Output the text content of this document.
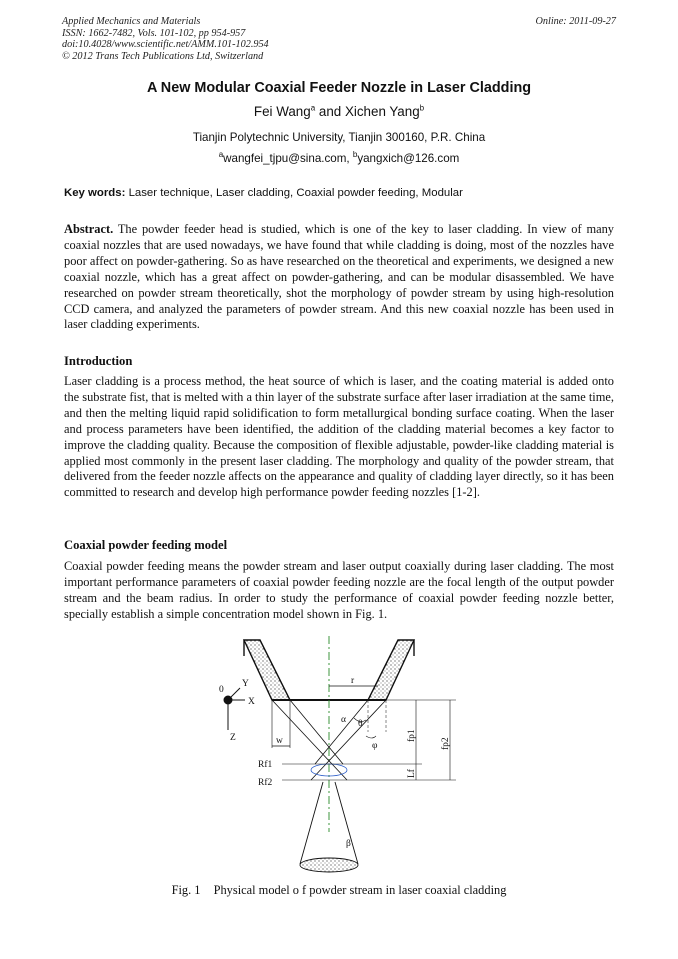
Applied Mechanics and Materials
ISSN: 1662-7482, Vols. 101-102, pp 954-957
doi:10.4028/www.scientific.net/AMM.101-102.954
© 2012 Trans Tech Publications Ltd, Switzerland
Online: 2011-09-27
A New Modular Coaxial Feeder Nozzle in Laser Cladding
Fei Wang$^a$ and Xichen Yang$^b$
Tianjin Polytechnic University, Tianjin 300160, P.R. China
$^a$wangfei_tjpu@sina.com, $^b$yangxich@126.com
Key words: Laser technique, Laser cladding, Coaxial powder feeding, Modular

Abstract. The powder feeder head is studied, which is one of the key to laser cladding. In view of many coaxial nozzles that are used nowadays, we have found that while cladding is doing, most of the nozzles have poor affect on powder-gathering. So as have researched on the theoretical and experiments, we designed a new coaxial nozzle, which has a great affect on powder-gathering, and can be modular disassembled. We have researched on powder stream theoretically, shot the morphology of powder stream by using high-resolution CCD camera, and analyzed the parameters of powder stream. And this new coaxial nozzle has been used in laser cladding experiments.

Introduction

Laser cladding is a process method, the heat source of which is laser, and the coating material is added onto the substrate fist, that is melted with a thin layer of the substrate surface after laser irradiation at the same time, and then the melting liquid rapid solidification to form metallurgical bonding surface coating. When the laser and process parameters have been identified, the addition of the cladding material becomes a key factor to improve the cladding quality. Because the composition of flexible adjustable, powder-like cladding material is applied most commonly in the present laser cladding. The morphology and quality of the powder stream, that delivered from the feeder nozzle affects on the appearance and quality of cladding layer directly, so it has been committed to research and develop high performance powder feeding nozzles [1-2].

Coaxial powder feeding model

Coaxial powder feeding means the powder stream and laser output coaxially during laser cladding. The most important performance parameters of coaxial powder feeding nozzle are the focal length of the output powder stream and the beam radius. In order to study the performance of coaxial powder feeding nozzle better, specially establish a simple concentration model shown in Fig. 1.

0
Y
X
Z
r
w
α θ
φ
β
Rf1
Rf2
fp1
fp2
Lf
Fig. 1 Physical model o f powder stream in laser coaxial cladding
